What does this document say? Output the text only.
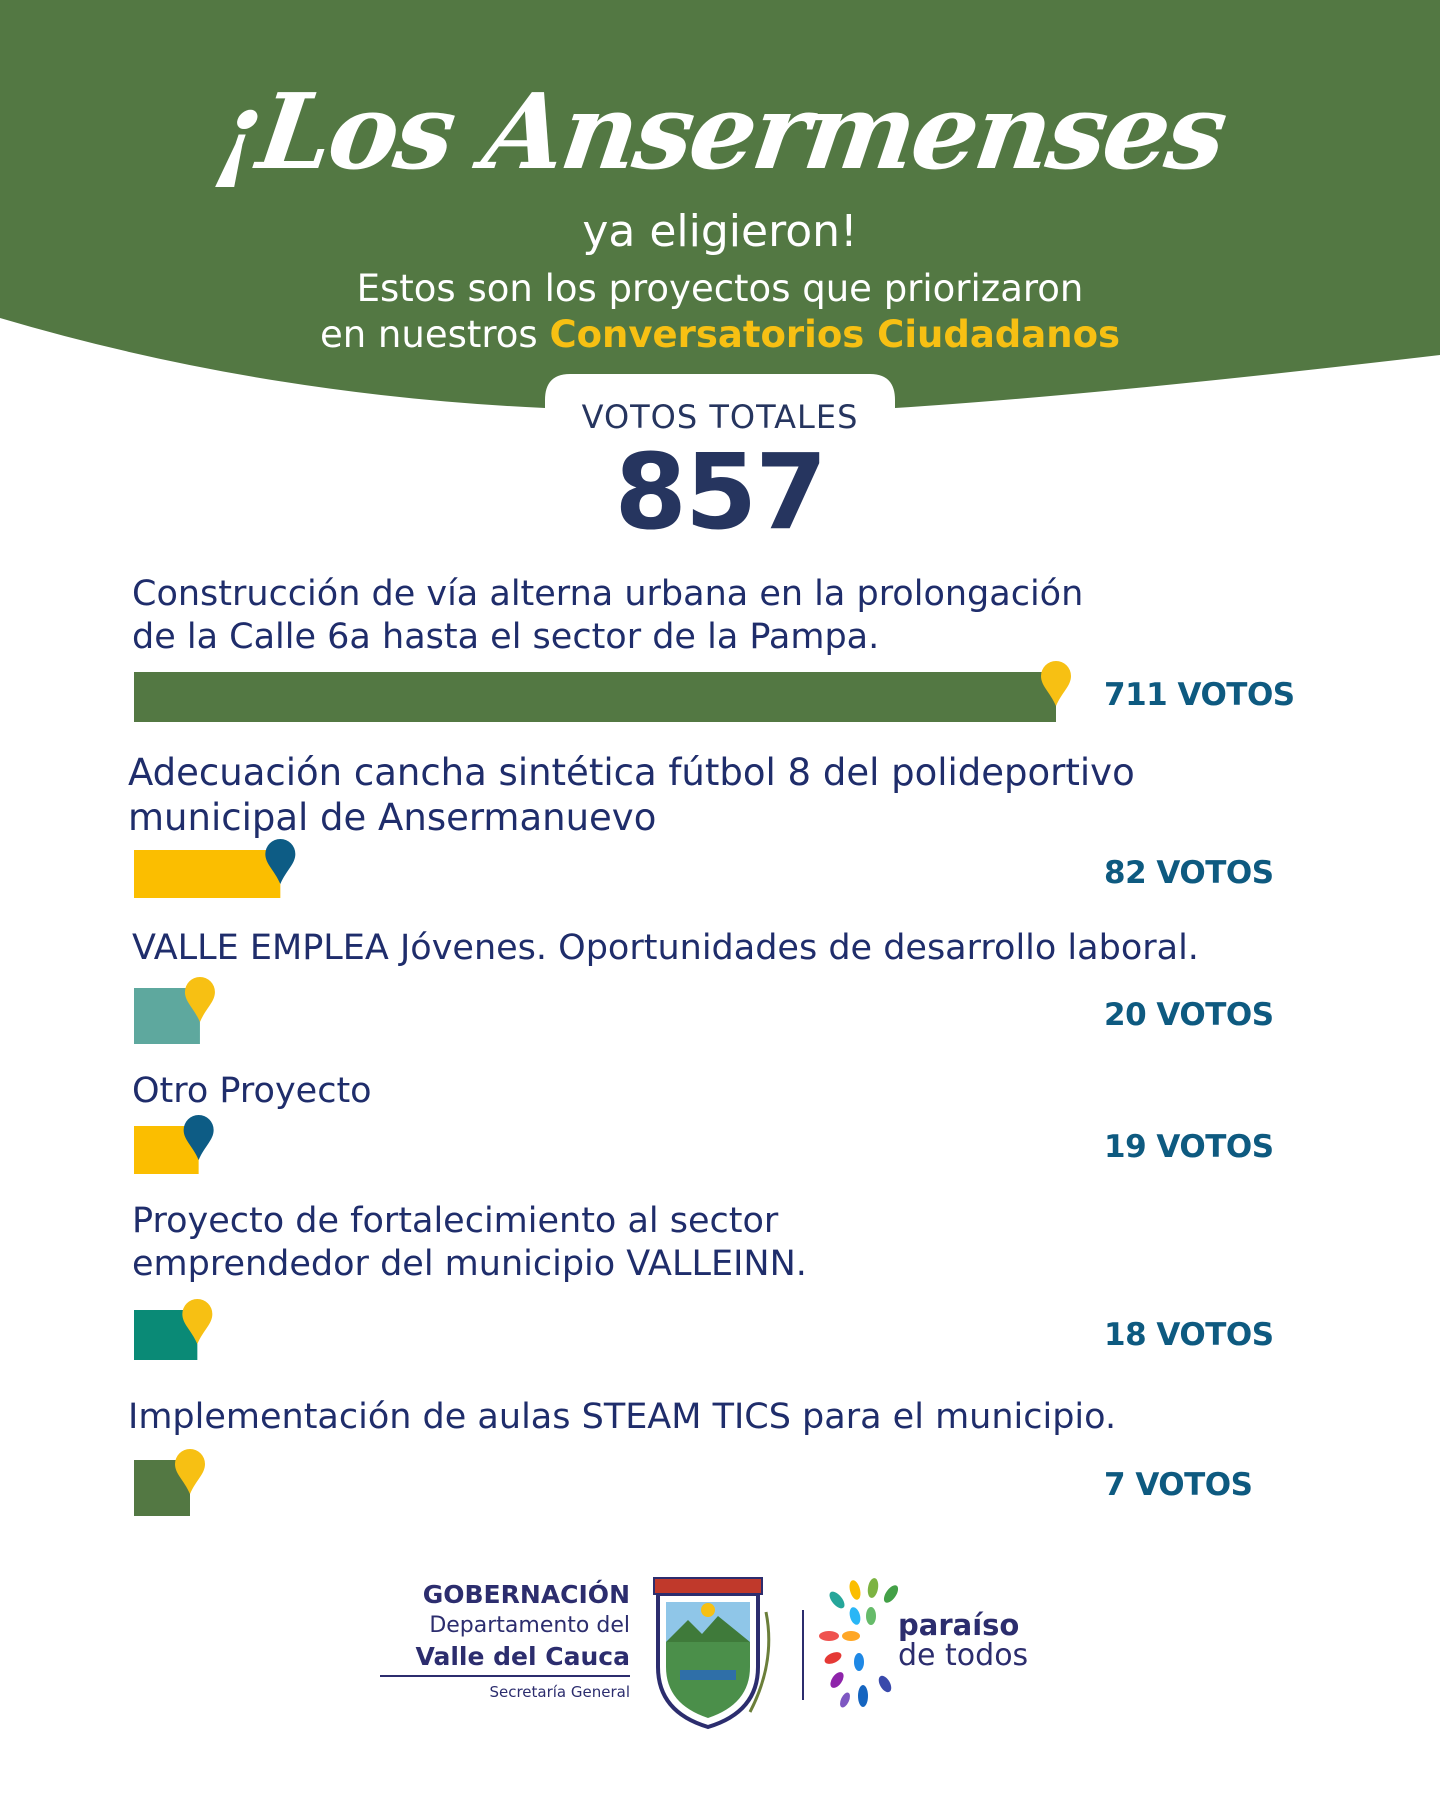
¡Los Ansermenses
ya eligieron!
Estos son los proyectos que priorizaron
en nuestros Conversatorios Ciudadanos
VOTOS TOTALES
857
Construcción de vía alterna urbana en la prolongación
de la Calle 6a hasta el sector de la Pampa.
711 VOTOS
Adecuación cancha sintética fútbol 8 del polideportivo
municipal de Ansermanuevo
82 VOTOS
VALLE EMPLEA Jóvenes. Oportunidades de desarrollo laboral.
20 VOTOS
Otro Proyecto
19 VOTOS
Proyecto de fortalecimiento al sector
emprendedor del municipio VALLEINN.
18 VOTOS
Implementación de aulas STEAM TICS para el municipio.
7 VOTOS
GOBERNACIÓN
Departamento del
Valle del Cauca
Secretaría General
paraíso
de todos
